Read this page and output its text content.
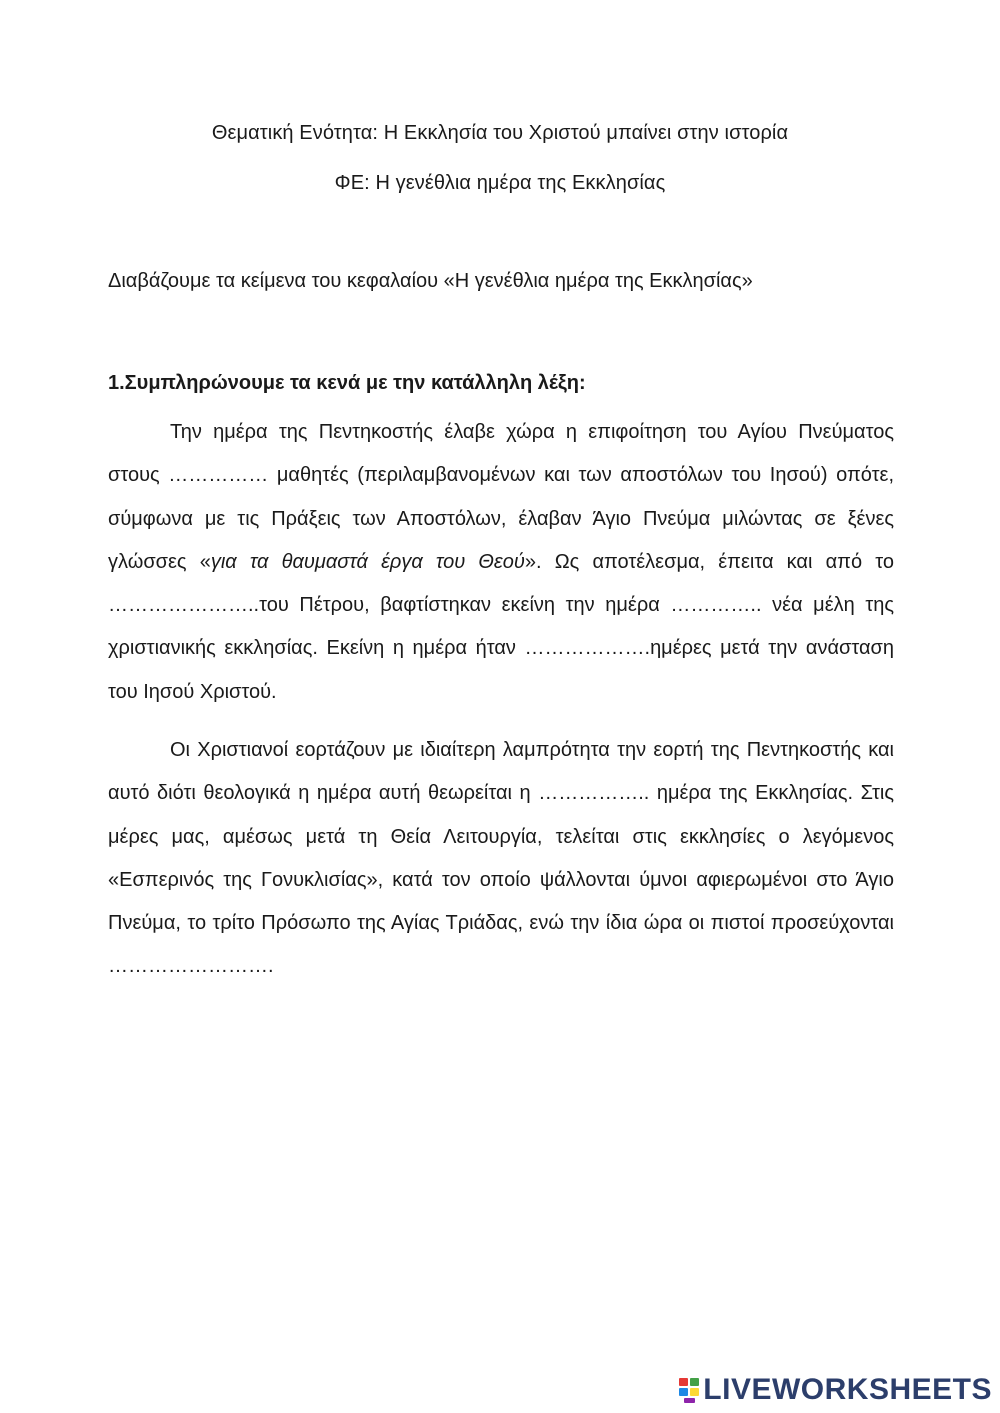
Θεματική Ενότητα: Η Εκκλησία του Χριστού μπαίνει στην ιστορία
ΦΕ: Η γενέθλια ημέρα της Εκκλησίας
Διαβάζουμε τα κείμενα του κεφαλαίου «Η γενέθλια ημέρα της Εκκλησίας»
1.Συμπληρώνουμε τα κενά με την κατάλληλη λέξη:

Την ημέρα της Πεντηκοστής έλαβε χώρα η επιφοίτηση του Αγίου Πνεύματος στους …………… μαθητές (περιλαμβανομένων και των αποστόλων του Ιησού) οπότε, σύμφωνα με τις Πράξεις των Αποστόλων, έλαβαν Άγιο Πνεύμα μιλώντας σε ξένες γλώσσες «για τα θαυμαστά έργα του Θεού». Ως αποτέλεσμα, έπειτα και από το …………………..του Πέτρου, βαφτίστηκαν εκείνη την ημέρα ………….. νέα μέλη της χριστιανικής εκκλησίας. Εκείνη η ημέρα ήταν ……………….ημέρες μετά την ανάσταση του Ιησού Χριστού.

Οι Χριστιανοί εορτάζουν με ιδιαίτερη λαμπρότητα την εορτή της Πεντηκοστής και αυτό διότι θεολογικά η ημέρα αυτή θεωρείται η …………….. ημέρα της Εκκλησίας. Στις μέρες μας, αμέσως μετά τη Θεία Λειτουργία, τελείται στις εκκλησίες ο λεγόμενος «Εσπερινός της Γονυκλισίας», κατά τον οποίο ψάλλονται ύμνοι αφιερωμένοι στο Άγιο Πνεύμα, το τρίτο Πρόσωπο της Αγίας Τριάδας, ενώ την ίδια ώρα οι πιστοί προσεύχονται …………………….

LIVEWORKSHEETS
